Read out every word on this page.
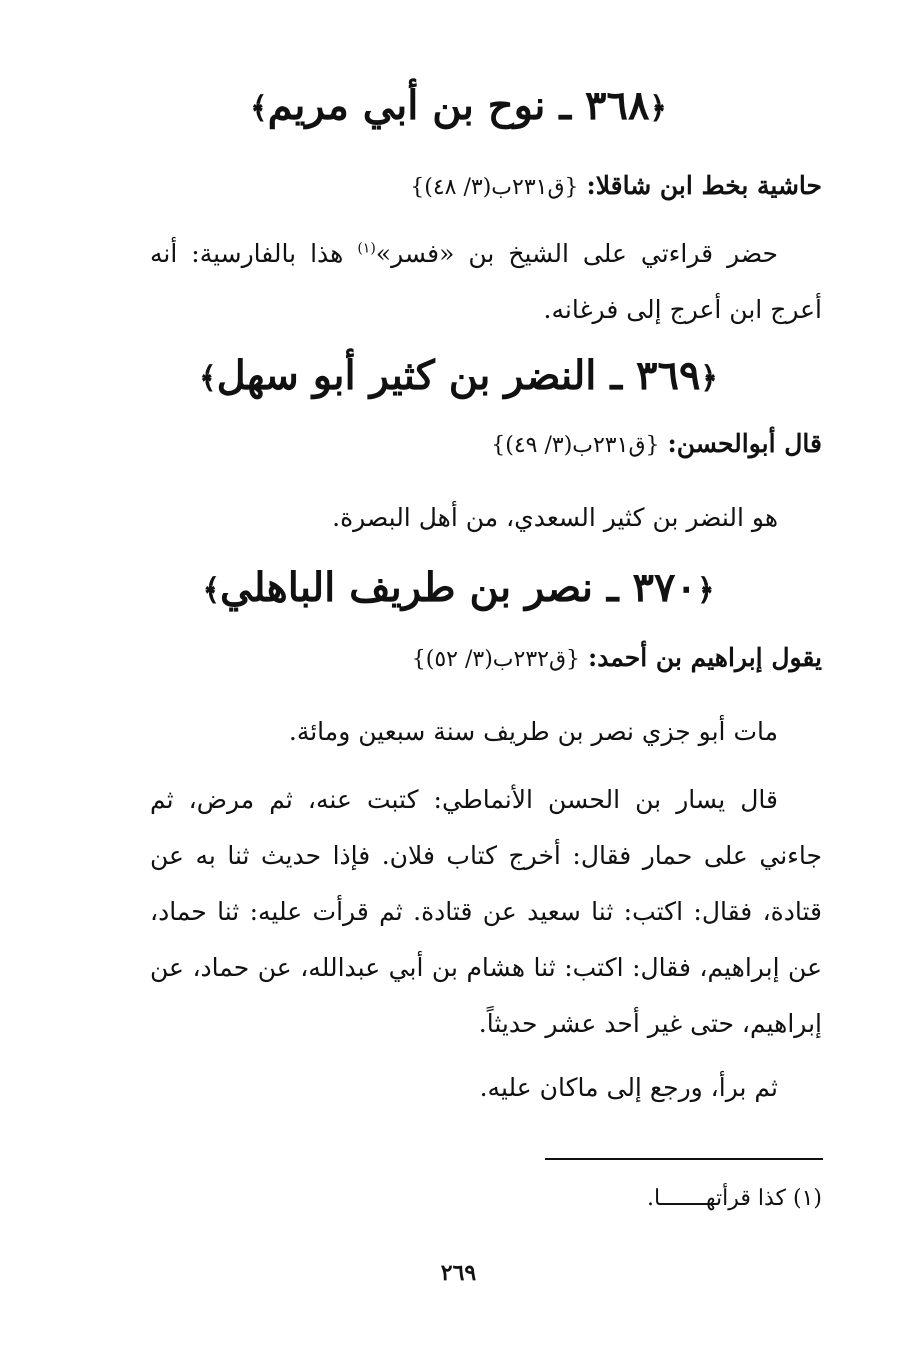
﴿٣٦٨ ـ نوح بن أبي مريم﴾
حاشية بخط ابن شاقلا: {ق٢٣١ب(٣/ ٤٨)}
حضر قراءتي على الشيخ بن «فسر»$^{(١)}$ هذا بالفارسية: أنه أعرج ابن أعرج إلى فرغانه.
﴿٣٦٩ ـ النضر بن كثير أبو سهل﴾
قال أبوالحسن: {ق٢٣١ب(٣/ ٤٩)}
هو النضر بن كثير السعدي، من أهل البصرة.
﴿٣٧٠ ـ نصر بن طريف الباهلي﴾
يقول إبراهيم بن أحمد: {ق٢٣٢ب(٣/ ٥٢)}
مات أبو جزي نصر بن طريف سنة سبعين ومائة.
قال يسار بن الحسن الأنماطي: كتبت عنه، ثم مرض، ثم جاءني على حمار فقال: أخرج كتاب فلان. فإذا حديث ثنا به عن قتادة، فقال: اكتب: ثنا سعيد عن قتادة. ثم قرأت عليه: ثنا حماد، عن إبراهيم، فقال: اكتب: ثنا هشام بن أبي عبدالله، عن حماد، عن إبراهيم، حتى غير أحد عشر حديثاً.
ثم برأ، ورجع إلى ماكان عليه.
(١) كذا قرأتهـــــــا.
٢٦٩
